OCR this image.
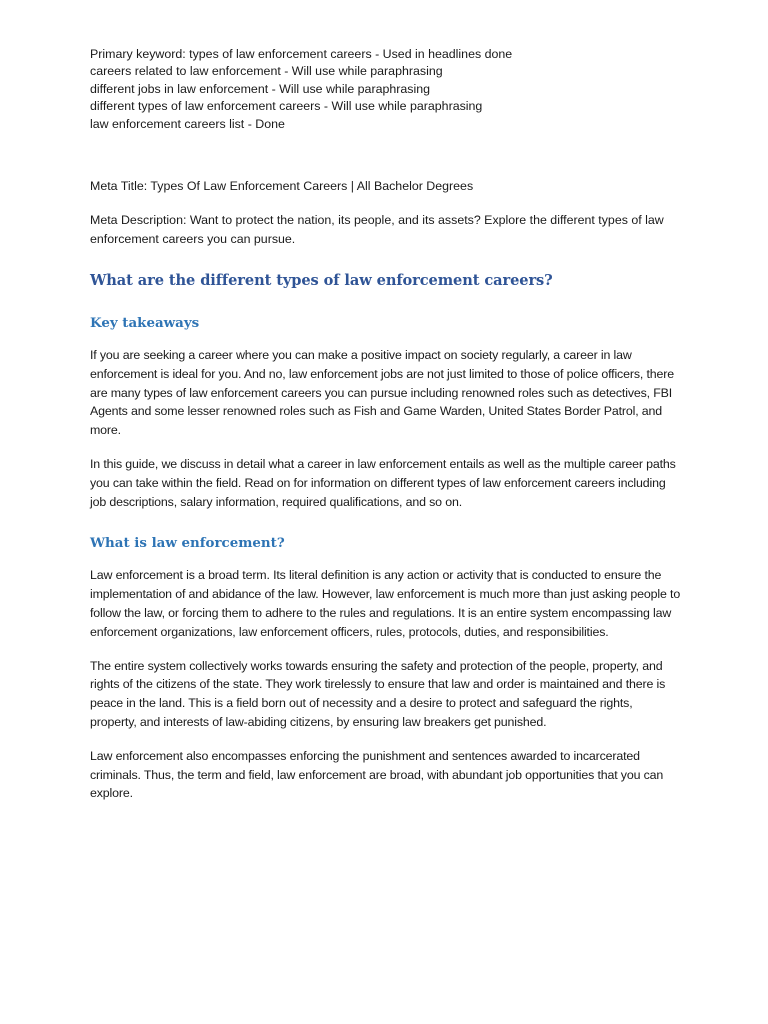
Primary keyword: types of law enforcement careers - Used in headlines done
careers related to law enforcement - Will use while paraphrasing
different jobs in law enforcement - Will use while paraphrasing
different types of law enforcement careers - Will use while paraphrasing
law enforcement careers list - Done

Meta Title: Types Of Law Enforcement Careers | All Bachelor Degrees

Meta Description: Want to protect the nation, its people, and its assets? Explore the different types of law enforcement careers you can pursue.

What are the different types of law enforcement careers?
Key takeaways

If you are seeking a career where you can make a positive impact on society regularly, a career in law enforcement is ideal for you. And no, law enforcement jobs are not just limited to those of police officers, there are many types of law enforcement careers you can pursue including renowned roles such as detectives, FBI Agents and some lesser renowned roles such as Fish and Game Warden, United States Border Patrol, and more.

In this guide, we discuss in detail what a career in law enforcement entails as well as the multiple career paths you can take within the field. Read on for information on different types of law enforcement careers including job descriptions, salary information, required qualifications, and so on.

What is law enforcement?

Law enforcement is a broad term. Its literal definition is any action or activity that is conducted to ensure the implementation of and abidance of the law. However, law enforcement is much more than just asking people to follow the law, or forcing them to adhere to the rules and regulations. It is an entire system encompassing law enforcement organizations, law enforcement officers, rules, protocols, duties, and responsibilities.

The entire system collectively works towards ensuring the safety and protection of the people, property, and rights of the citizens of the state. They work tirelessly to ensure that law and order is maintained and there is peace in the land. This is a field born out of necessity and a desire to protect and safeguard the rights, property, and interests of law-abiding citizens, by ensuring law breakers get punished.

Law enforcement also encompasses enforcing the punishment and sentences awarded to incarcerated criminals. Thus, the term and field, law enforcement are broad, with abundant job opportunities that you can explore.
